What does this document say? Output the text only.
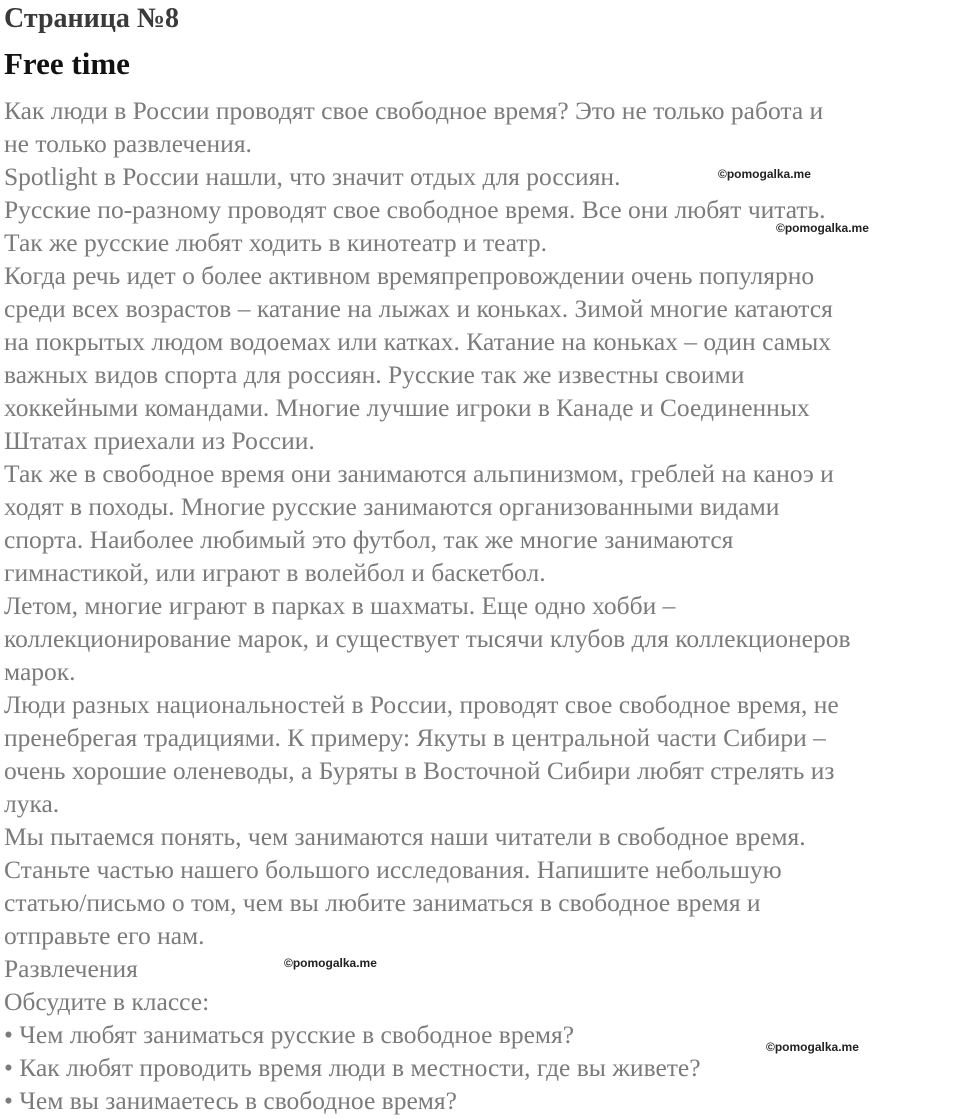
Страница №8
Free time
Как люди в России проводят свое свободное время? Это не только работа и
не только развлечения.
Spotlight в России нашли, что значит отдых для россиян.
Русские по-разному проводят свое свободное время. Все они любят читать.
Так же русские любят ходить в кинотеатр и театр.
Когда речь идет о более активном времяпрепровождении очень популярно
среди всех возрастов – катание на лыжах и коньках. Зимой многие катаются
на покрытых людом водоемах или катках. Катание на коньках – один самых
важных видов спорта для россиян. Русские так же известны своими
хоккейными командами. Многие лучшие игроки в Канаде и Соединенных
Штатах приехали из России.
Так же в свободное время они занимаются альпинизмом, греблей на каноэ и
ходят в походы. Многие русские занимаются организованными видами
спорта. Наиболее любимый это футбол, так же многие занимаются
гимнастикой, или играют в волейбол и баскетбол.
Летом, многие играют в парках в шахматы. Еще одно хобби –
коллекционирование марок, и существует тысячи клубов для коллекционеров
марок.
Люди разных национальностей в России, проводят свое свободное время, не
пренебрегая традициями. К примеру: Якуты в центральной части Сибири –
очень хорошие оленеводы, а Буряты в Восточной Сибири любят стрелять из
лука.
Мы пытаемся понять, чем занимаются наши читатели в свободное время.
Станьте частью нашего большого исследования. Напишите небольшую
статью/письмо о том, чем вы любите заниматься в свободное время и
отправьте его нам.
Развлечения
Обсудите в классе:
• Чем любят заниматься русские в свободное время?
• Как любят проводить время люди в местности, где вы живете?
• Чем вы занимаетесь в свободное время?
©pomogalka.me
©pomogalka.me
©pomogalka.me
©pomogalka.me
